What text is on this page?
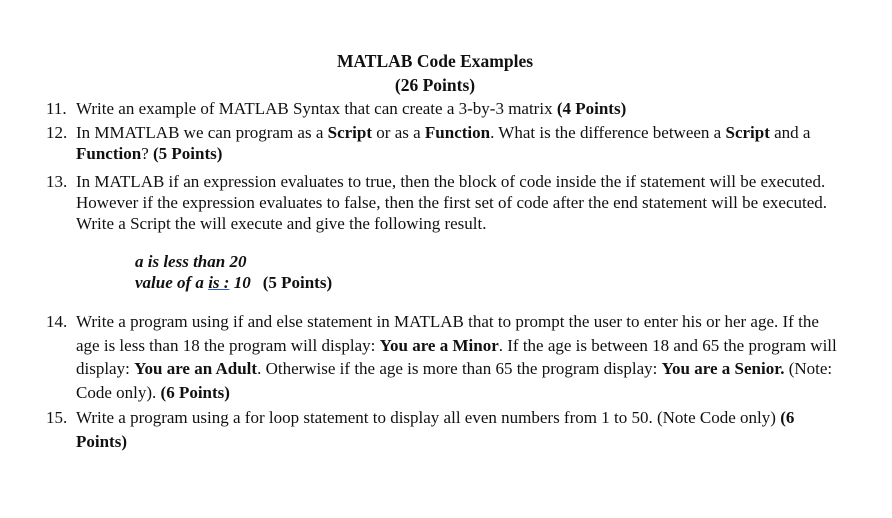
MATLAB Code Examples
(26 Points)
11. Write an example of MATLAB Syntax that can create a 3-by-3 matrix (4 Points)
12. In MMATLAB we can program as a Script or as a Function. What is the difference between a Script and a Function? (5 Points)
13. In MATLAB if an expression evaluates to true, then the block of code inside the if statement will be executed. However if the expression evaluates to false, then the first set of code after the end statement will be executed. Write a Script the will execute and give the following result.
a is less than 20
value of a is : 10 (5 Points)
14. Write a program using if and else statement in MATLAB that to prompt the user to enter his or her age. If the age is less than 18 the program will display: You are a Minor. If the age is between 18 and 65 the program will display: You are an Adult. Otherwise if the age is more than 65 the program display: You are a Senior. (Note: Code only). (6 Points)
15. Write a program using a for loop statement to display all even numbers from 1 to 50. (Note Code only) (6 Points)
